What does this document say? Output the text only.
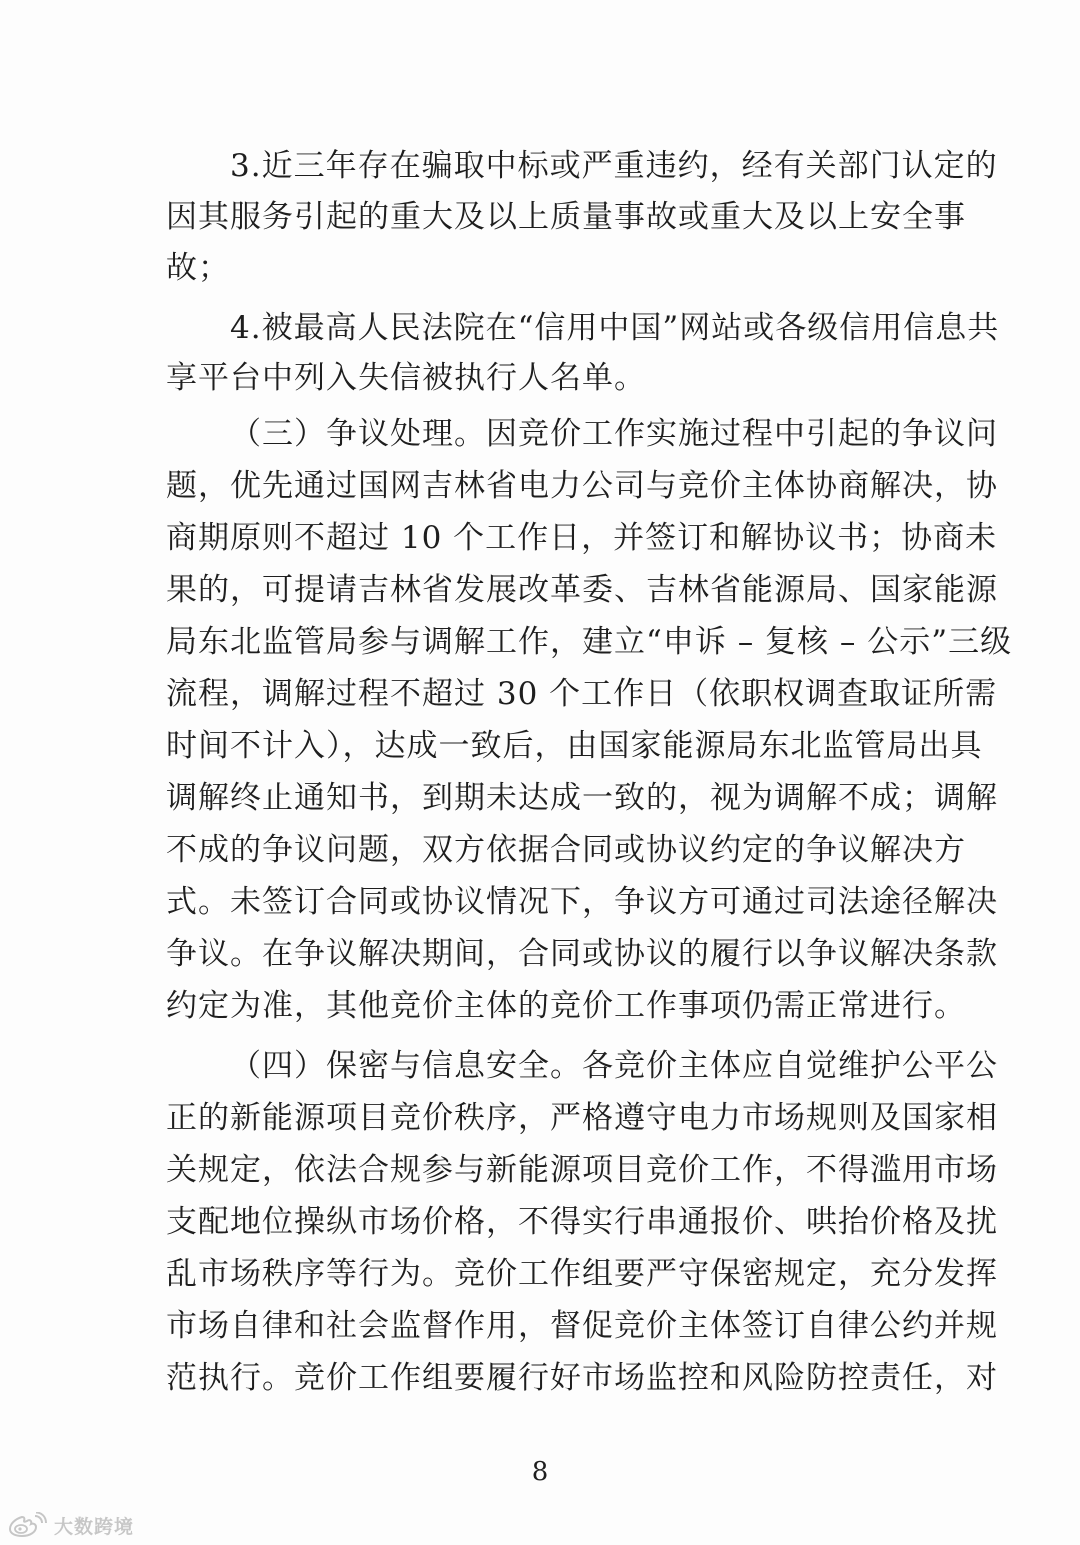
3.近三年存在骗取中标或严重违约，经有关部门认定的
因其服务引起的重大及以上质量事故或重大及以上安全事
故；
4.被最高人民法院在“信用中国”网站或各级信用信息共
享平台中列入失信被执行人名单。
（三）争议处理。因竞价工作实施过程中引起的争议问
题，优先通过国网吉林省电力公司与竞价主体协商解决，协
商期原则不超过 10 个工作日，并签订和解协议书；协商未
果的，可提请吉林省发展改革委、吉林省能源局、国家能源
局东北监管局参与调解工作，建立“申诉 – 复核 – 公示”三级
流程，调解过程不超过 30 个工作日（依职权调查取证所需
时间不计入），达成一致后，由国家能源局东北监管局出具
调解终止通知书，到期未达成一致的，视为调解不成；调解
不成的争议问题，双方依据合同或协议约定的争议解决方
式。未签订合同或协议情况下，争议方可通过司法途径解决
争议。在争议解决期间，合同或协议的履行以争议解决条款
约定为准，其他竞价主体的竞价工作事项仍需正常进行。
（四）保密与信息安全。各竞价主体应自觉维护公平公
正的新能源项目竞价秩序，严格遵守电力市场规则及国家相
关规定，依法合规参与新能源项目竞价工作，不得滥用市场
支配地位操纵市场价格，不得实行串通报价、哄抬价格及扰
乱市场秩序等行为。竞价工作组要严守保密规定，充分发挥
市场自律和社会监督作用，督促竞价主体签订自律公约并规
范执行。竞价工作组要履行好市场监控和风险防控责任，对
8
大数跨境
